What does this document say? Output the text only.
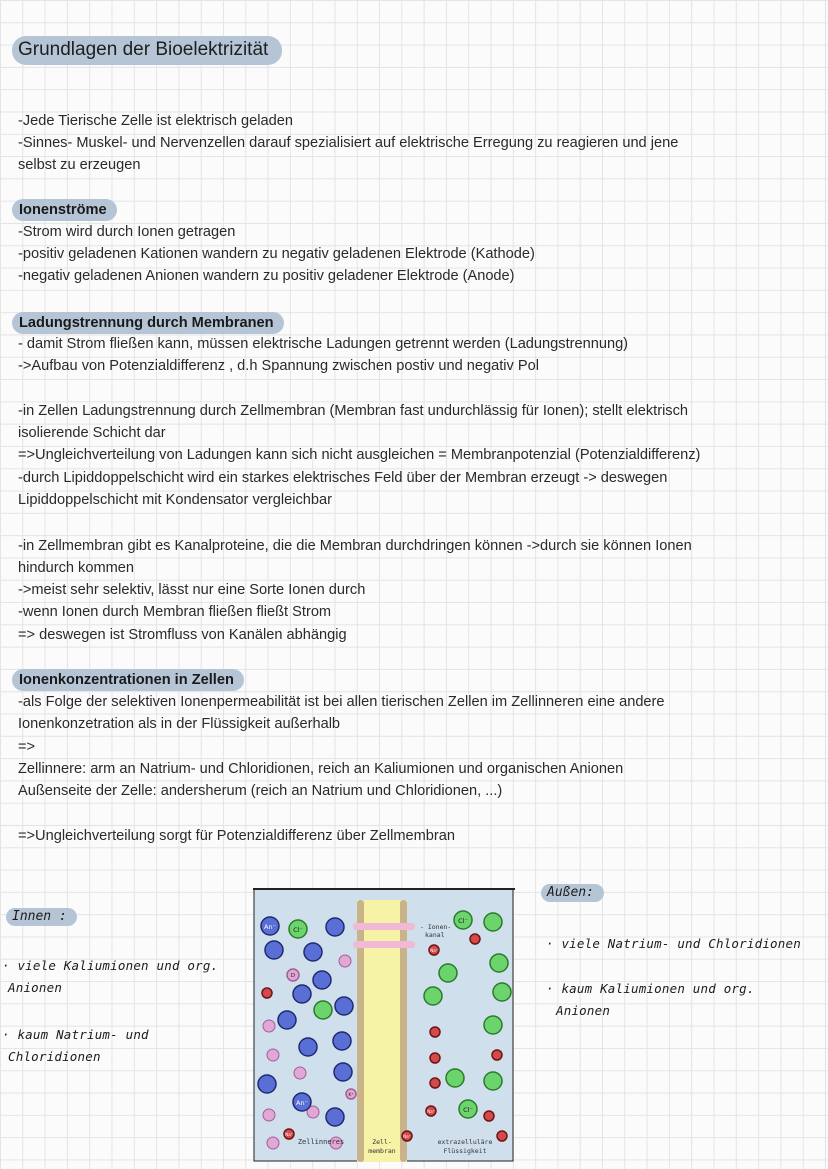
Grundlagen der Bioelektrizität
-Jede Tierische Zelle ist elektrisch geladen
-Sinnes- Muskel- und Nervenzellen darauf spezialisiert auf elektrische Erregung zu reagieren und jene
selbst zu erzeugen
Ionenströme
-Strom wird durch Ionen getragen
-positiv geladenen Kationen wandern zu negativ geladenen Elektrode (Kathode)
-negativ geladenen Anionen wandern zu positiv geladener Elektrode (Anode)
Ladungstrennung durch Membranen
- damit Strom fließen kann, müssen elektrische Ladungen getrennt werden (Ladungstrennung)
->Aufbau von Potenzialdifferenz , d.h Spannung zwischen postiv und negativ Pol
-in Zellen Ladungstrennung durch Zellmembran (Membran fast undurchlässig für Ionen); stellt elektrisch
isolierende Schicht dar
=>Ungleichverteilung von Ladungen kann sich nicht ausgleichen = Membranpotenzial (Potenzialdifferenz)
-durch Lipiddoppelschicht wird ein starkes elektrisches Feld über der Membran erzeugt -> deswegen
Lipiddoppelschicht mit Kondensator vergleichbar
-in Zellmembran gibt es Kanalproteine, die die Membran durchdringen können ->durch sie können Ionen
hindurch kommen
->meist sehr selektiv, lässt nur eine Sorte Ionen durch
-wenn Ionen durch Membran fließen fließt Strom
=> deswegen ist Stromfluss von Kanälen abhängig
Ionenkonzentrationen in Zellen
-als Folge der selektiven Ionenpermeabilität ist bei allen tierischen Zellen im Zellinneren eine andere
Ionenkonzetration als in der Flüssigkeit außerhalb
=>
Zellinnere: arm an Natrium- und Chloridionen, reich an Kaliumionen und organischen Anionen
Außenseite der Zelle: andersherum (reich an Natrium und Chloridionen, ...)
=>Ungleichverteilung sorgt für Potenzialdifferenz über Zellmembran
Innen :
· viele Kaliumionen und org.
Anionen
· kaum Natrium- und
Chloridionen
Außen:
· viele Natrium- und Chloridionen
· kaum Kaliumionen und org.
Anionen
An⁻	Cl⁻
Cl⁻
D
An⁻
K⁺
Na⁺
Na⁺
Na⁺	Na⁺
Cl⁻
- Ionen-
kanal
Zellinneres	Zell-
membran
extrazelluläre
Flüssigkeit
